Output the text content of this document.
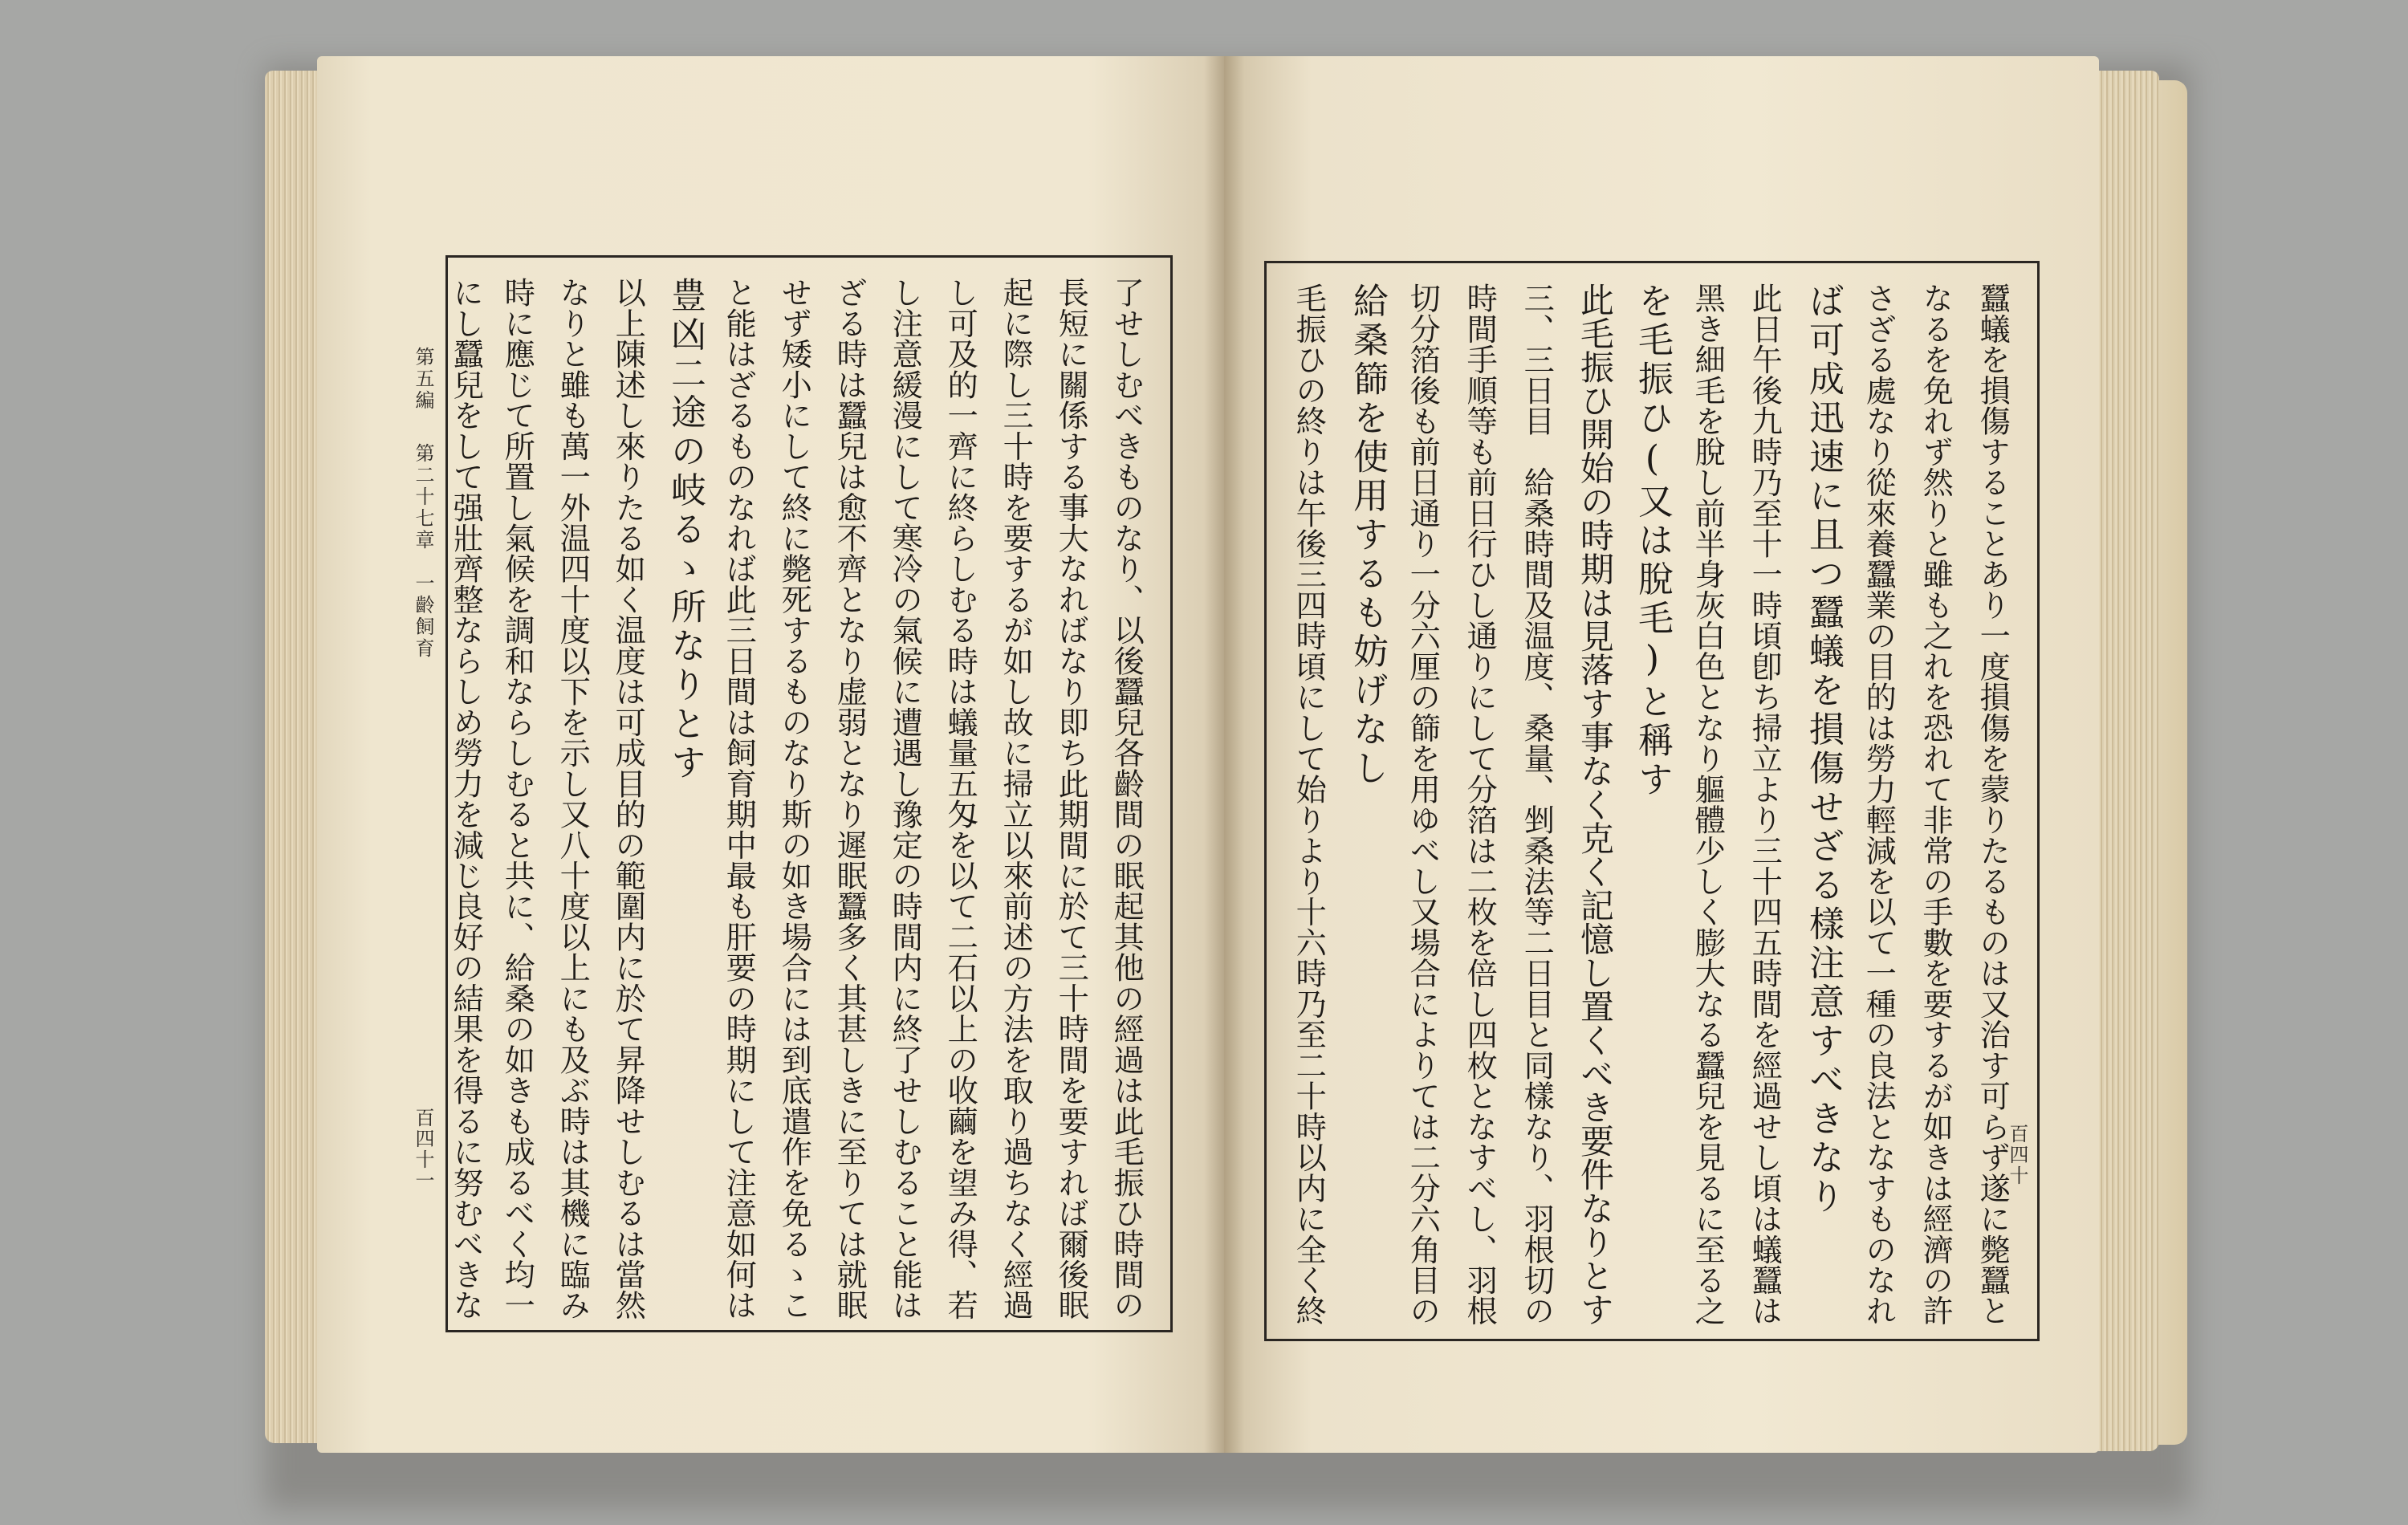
第五編
第二十七章
一齡飼育
百四十一	百四十
了せしむべきものなり、以後蠶兒各齡間の眠起其他の經過は此毛振ひ時間の
長短に關係する事大なればなり即ち此期間に於て三十時間を要すれば爾後眠
起に際し三十時を要するが如し故に掃立以來前述の方法を取り過ちなく經過
し可及的一齊に終らしむる時は蟻量五匁を以て二石以上の收繭を望み得、若
し注意緩漫にして寒冷の氣候に遭遇し豫定の時間内に終了せしむること能は
ざる時は蠶兒は愈不齊となり虚弱となり遲眠蠶多く其甚しきに至りては就眠
せず矮小にして終に斃死するものなり斯の如き場合には到底遣作を免るゝこ
と能はざるものなれば此三日間は飼育期中最も肝要の時期にして注意如何は
豊凶二途の岐るゝ所なりとす
以上陳述し來りたる如く温度は可成目的の範圍内に於て昇降せしむるは當然
なりと雖も萬一外温四十度以下を示し又八十度以上にも及ぶ時は其機に臨み
時に應じて所置し氣候を調和ならしむると共に、給桑の如きも成るべく均一
にし蠶兒をして强壯齊整ならしめ勞力を減じ良好の結果を得るに努むべきな	蠶蟻を損傷することあり一度損傷を蒙りたるものは又治す可らず遂に斃蠶と
なるを免れず然りと雖も之れを恐れて非常の手數を要するが如きは經濟の許
さざる處なり從來養蠶業の目的は勞力輕減を以て一種の良法となすものなれ
ば可成迅速に且つ蠶蟻を損傷せざる樣注意すべきなり
此日午後九時乃至十一時頃卽ち掃立より三十四五時間を經過せし頃は蟻蠶は
黑き細毛を脫し前半身灰白色となり軀體少しく膨大なる蠶兒を見るに至る之
を毛振ひ(又は脫毛)と稱す
此毛振ひ開始の時期は見落す事なく克く記憶し置くべき要件なりとす
三、三日目　給桑時間及温度、桑量、剉桑法等二日目と同樣なり、羽根切の
時間手順等も前日行ひし通りにして分箔は二枚を倍し四枚となすべし、羽根
切分箔後も前日通り一分六厘の篩を用ゆべし又場合によりては二分六角目の
給桑篩を使用するも妨げなし
毛振ひの終りは午後三四時頃にして始りより十六時乃至二十時以内に全く終
